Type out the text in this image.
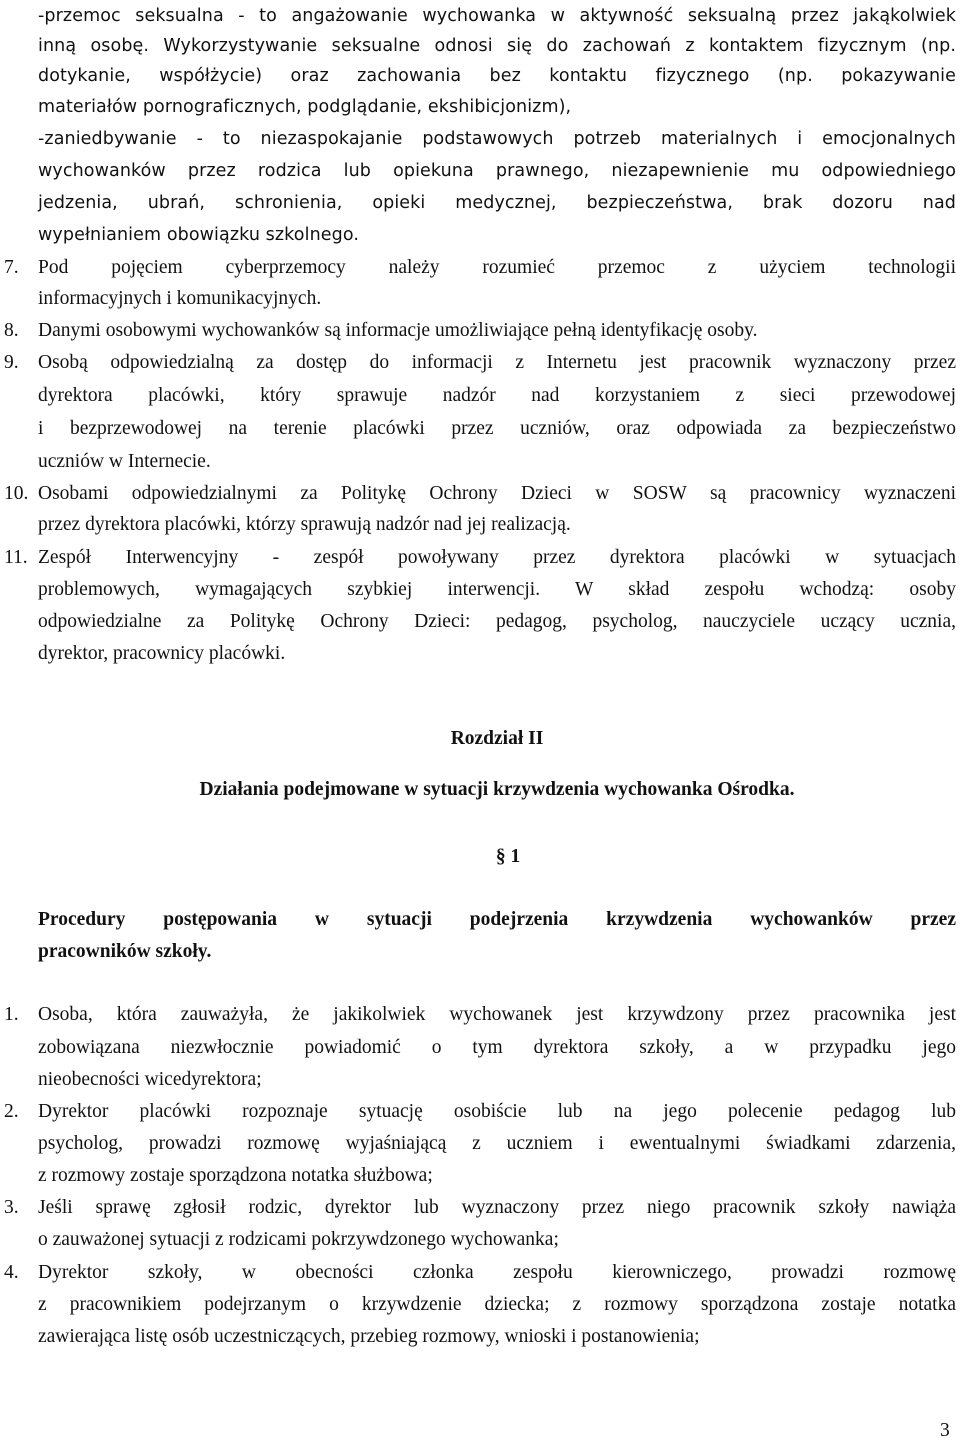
-przemoc seksualna - to angażowanie wychowanka w aktywność seksualną przez jakąkolwiek
inną osobę. Wykorzystywanie seksualne odnosi się do zachowań z kontaktem fizycznym (np.
dotykanie, współżycie) oraz zachowania bez kontaktu fizycznego (np. pokazywanie
materiałów pornograficznych, podglądanie, ekshibicjonizm),
-zaniedbywanie - to niezaspokajanie podstawowych potrzeb materialnych i emocjonalnych
wychowanków przez rodzica lub opiekuna prawnego, niezapewnienie mu odpowiedniego
jedzenia, ubrań, schronienia, opieki medycznej, bezpieczeństwa, brak dozoru nad
wypełnianiem obowiązku szkolnego.
7. Pod pojęciem cyberprzemocy należy rozumieć przemoc z użyciem technologii
informacyjnych i komunikacyjnych.
8. Danymi osobowymi wychowanków są informacje umożliwiające pełną identyfikację osoby.
9. Osobą odpowiedzialną za dostęp do informacji z Internetu jest pracownik wyznaczony przez
dyrektora placówki, który sprawuje nadzór nad korzystaniem z sieci przewodowej
i bezprzewodowej na terenie placówki przez uczniów, oraz odpowiada za bezpieczeństwo
uczniów w Internecie.
10. Osobami odpowiedzialnymi za Politykę Ochrony Dzieci w SOSW są pracownicy wyznaczeni
przez dyrektora placówki, którzy sprawują nadzór nad jej realizacją.
11. Zespół Interwencyjny - zespół powoływany przez dyrektora placówki w sytuacjach
problemowych, wymagających szybkiej interwencji. W skład zespołu wchodzą: osoby
odpowiedzialne za Politykę Ochrony Dzieci: pedagog, psycholog, nauczyciele uczący ucznia,
dyrektor, pracownicy placówki.
Rozdział II
Działania podejmowane w sytuacji krzywdzenia wychowanka Ośrodka.
§ 1
Procedury postępowania w sytuacji podejrzenia krzywdzenia wychowanków przez
pracowników szkoły.
1. Osoba, która zauważyła, że jakikolwiek wychowanek jest krzywdzony przez pracownika jest
zobowiązana niezwłocznie powiadomić o tym dyrektora szkoły, a w przypadku jego
nieobecności wicedyrektora;
2. Dyrektor placówki rozpoznaje sytuację osobiście lub na jego polecenie pedagog lub
psycholog, prowadzi rozmowę wyjaśniającą z uczniem i ewentualnymi świadkami zdarzenia,
z rozmowy zostaje sporządzona notatka służbowa;
3. Jeśli sprawę zgłosił rodzic, dyrektor lub wyznaczony przez niego pracownik szkoły nawiąża
o zauważonej sytuacji z rodzicami pokrzywdzonego wychowanka;
4. Dyrektor szkoły, w obecności członka zespołu kierowniczego, prowadzi rozmowę
z pracownikiem podejrzanym o krzywdzenie dziecka; z rozmowy sporządzona zostaje notatka
zawierająca listę osób uczestniczących, przebieg rozmowy, wnioski i postanowienia;
3
